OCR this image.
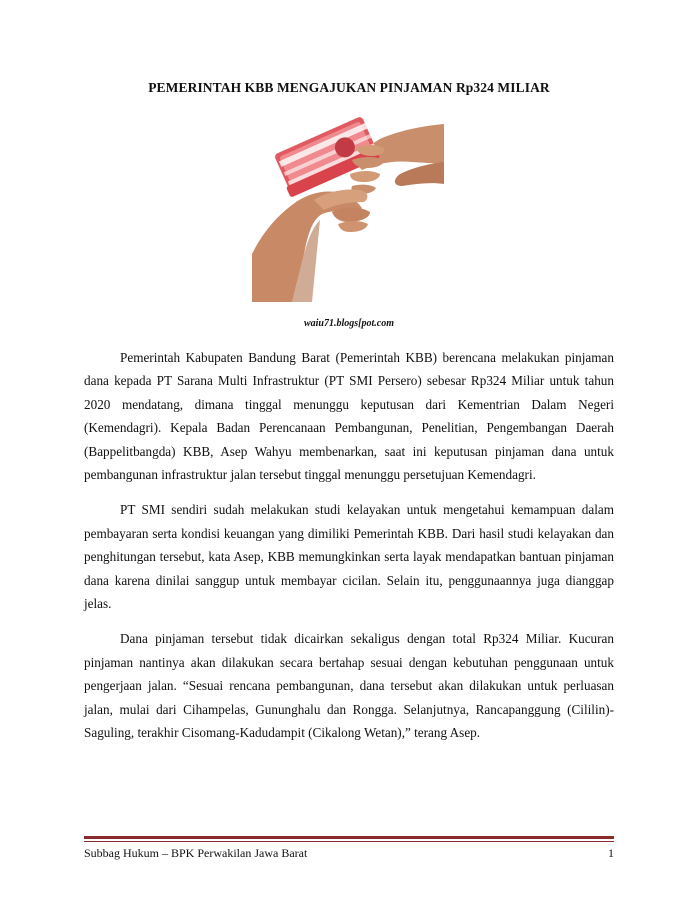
PEMERINTAH KBB MENGAJUKAN PINJAMAN Rp324 MILIAR
waiu71.blogs[pot.com

Pemerintah Kabupaten Bandung Barat (Pemerintah KBB) berencana melakukan pinjaman dana kepada PT Sarana Multi Infrastruktur (PT SMI Persero) sebesar Rp324 Miliar untuk tahun 2020 mendatang, dimana tinggal menunggu keputusan dari Kementrian Dalam Negeri (Kemendagri). Kepala Badan Perencanaan Pembangunan, Penelitian, Pengembangan Daerah (Bappelitbangda) KBB, Asep Wahyu membenarkan, saat ini keputusan pinjaman dana untuk pembangunan infrastruktur jalan tersebut tinggal menunggu persetujuan Kemendagri.

PT SMI sendiri sudah melakukan studi kelayakan untuk mengetahui kemampuan dalam pembayaran serta kondisi keuangan yang dimiliki Pemerintah KBB. Dari hasil studi kelayakan dan penghitungan tersebut, kata Asep, KBB memungkinkan serta layak mendapatkan bantuan pinjaman dana karena dinilai sanggup untuk membayar cicilan. Selain itu, penggunaannya juga dianggap jelas.

Dana pinjaman tersebut tidak dicairkan sekaligus dengan total Rp324 Miliar. Kucuran pinjaman nantinya akan dilakukan secara bertahap sesuai dengan kebutuhan penggunaan untuk pengerjaan jalan. “Sesuai rencana pembangunan, dana tersebut akan dilakukan untuk perluasan jalan, mulai dari Cihampelas, Gununghalu dan Rongga. Selanjutnya, Rancapanggung (Cililin)-Saguling, terakhir Cisomang-Kadudampit (Cikalong Wetan),” terang Asep.

Subbag Hukum – BPK Perwakilan Jawa Barat	1
